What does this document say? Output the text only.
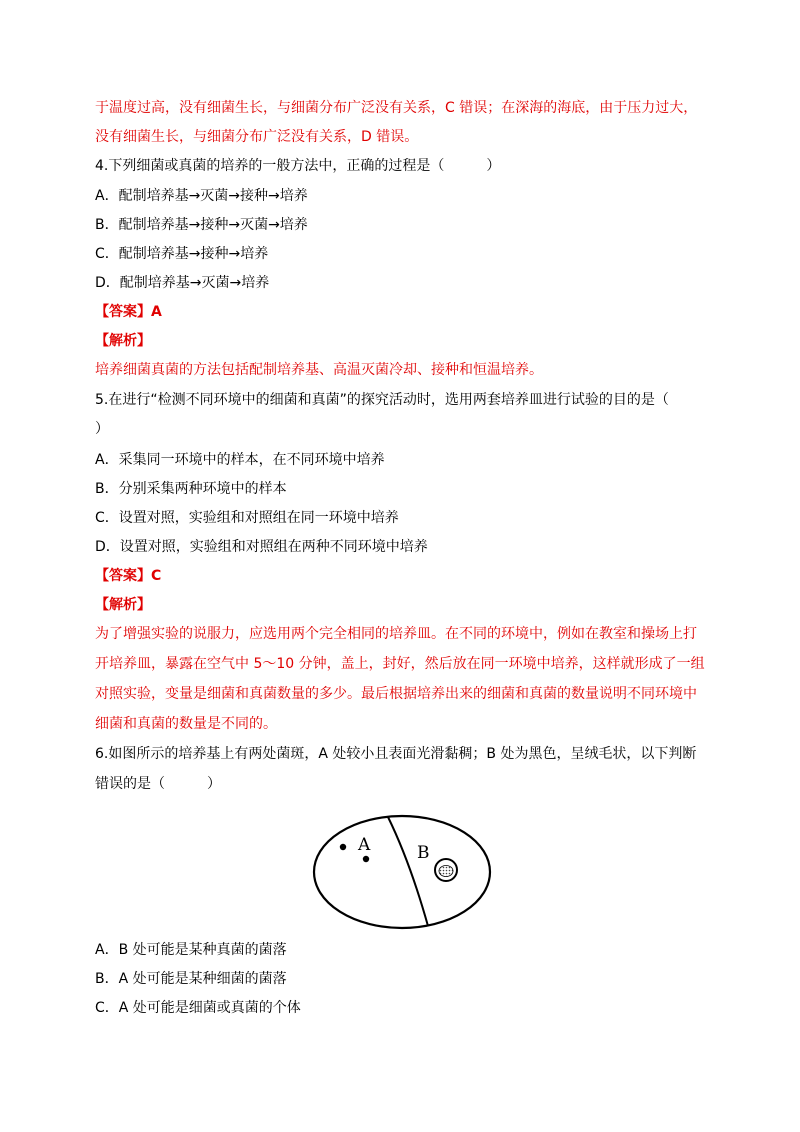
于温度过高，没有细菌生长，与细菌分布广泛没有关系，C 错误；在深海的海底，由于压力过大，
没有细菌生长，与细菌分布广泛没有关系，D 错误。
4.下列细菌或真菌的培养的一般方法中，正确的过程是（　　　）
A．配制培养基→灭菌→接种→培养
B．配制培养基→接种→灭菌→培养
C．配制培养基→接种→培养
D．配制培养基→灭菌→培养
【答案】A
【解析】
培养细菌真菌的方法包括配制培养基、高温灭菌冷却、接种和恒温培养。
5.在进行“检测不同环境中的细菌和真菌”的探究活动时，选用两套培养皿进行试验的目的是（
）
A．采集同一环境中的样本，在不同环境中培养
B．分别采集两种环境中的样本
C．设置对照，实验组和对照组在同一环境中培养
D．设置对照，实验组和对照组在两种不同环境中培养
【答案】C
【解析】
为了增强实验的说服力，应选用两个完全相同的培养皿。在不同的环境中，例如在教室和操场上打
开培养皿，暴露在空气中 5～10 分钟，盖上，封好，然后放在同一环境中培养，这样就形成了一组
对照实验，变量是细菌和真菌数量的多少。最后根据培养出来的细菌和真菌的数量说明不同环境中
细菌和真菌的数量是不同的。
6.如图所示的培养基上有两处菌斑，A 处较小且表面光滑黏稠；B 处为黑色，呈绒毛状，以下判断
错误的是（　　　）
A	B
A．B 处可能是某种真菌的菌落
B．A 处可能是某种细菌的菌落
C．A 处可能是细菌或真菌的个体
